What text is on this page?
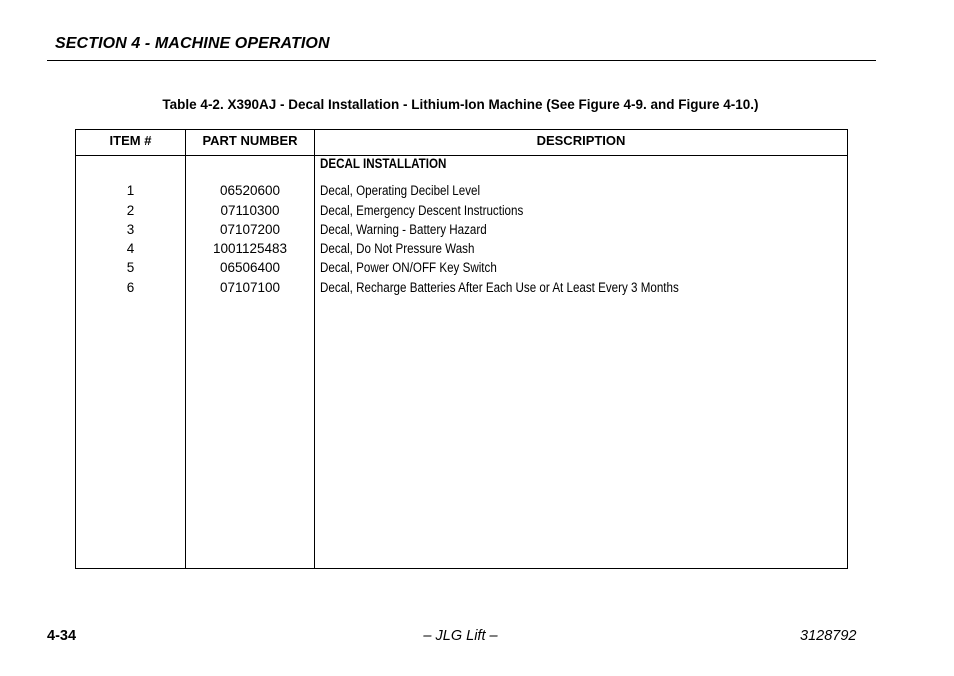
SECTION 4 - MACHINE OPERATION
Table 4-2. X390AJ - Decal Installation - Lithium-Ion Machine (See Figure 4-9. and Figure 4-10.)
ITEM #	PART NUMBER	DESCRIPTION
DECAL INSTALLATION
1	06520600	Decal, Operating Decibel Level
2	07110300	Decal, Emergency Descent Instructions
3	07107200	Decal, Warning - Battery Hazard
4	1001125483	Decal, Do Not Pressure Wash
5	06506400	Decal, Power ON/OFF Key Switch
6	07107100	Decal, Recharge Batteries After Each Use or At Least Every 3 Months
4-34	– JLG Lift –	3128792
